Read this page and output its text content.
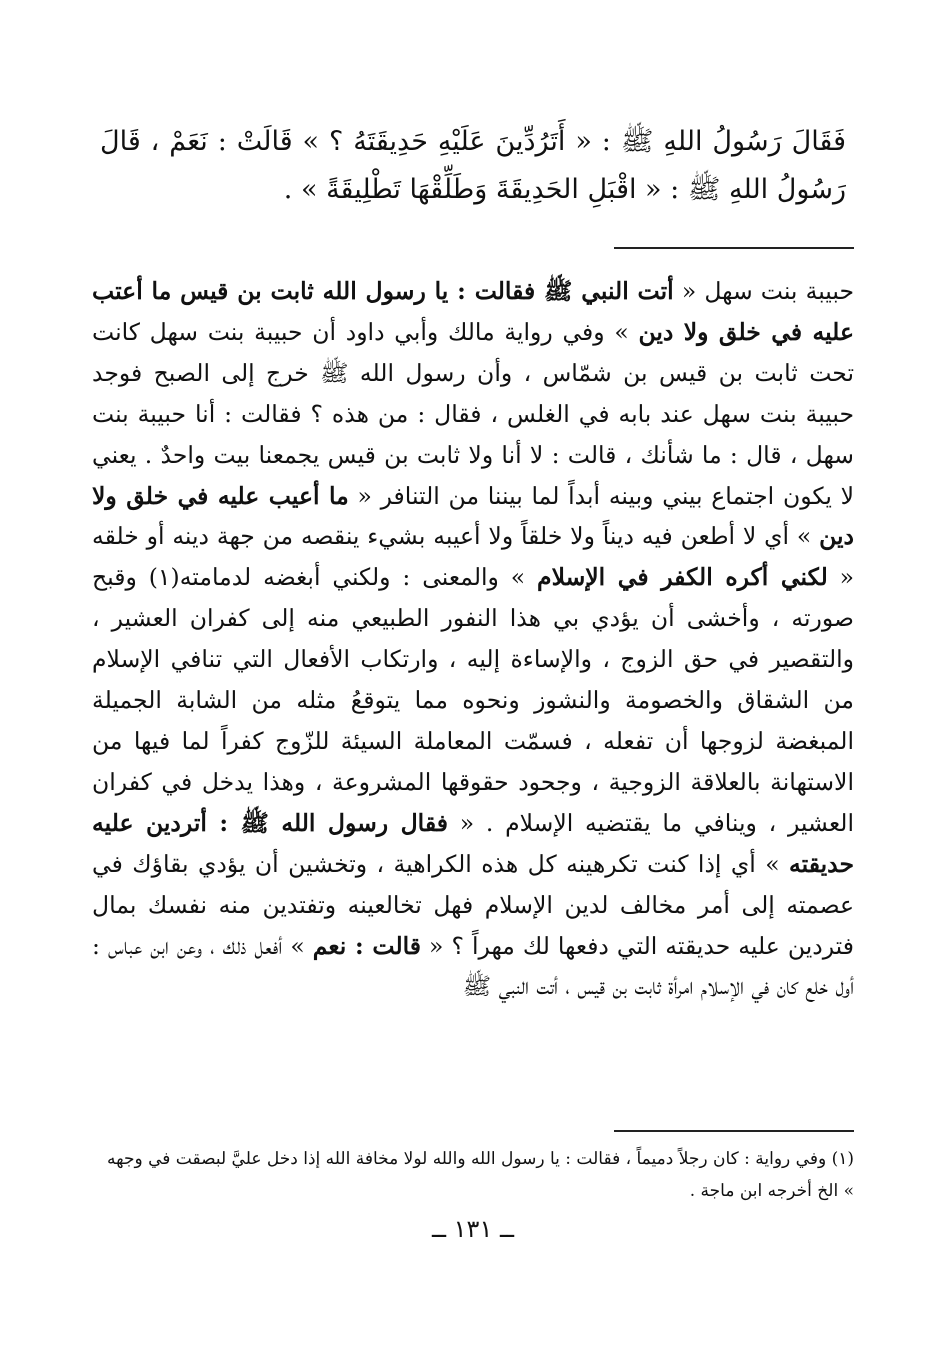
فَقَالَ رَسُولُ اللهِ ﷺ : « أَتَرُدِّينَ عَلَيْهِ حَدِيقَتَهُ ؟ » قَالَتْ : نَعَمْ ، قَالَ رَسُولُ اللهِ ﷺ : « اقْبَلِ الحَدِيقَةَ وَطَلِّقْهَا تَطْلِيقَةً » .

حبيبة بنت سهل « أتت النبي ﷺ فقالت : يا رسول الله ثابت بن قيس ما أعتب عليه في خلق ولا دين » وفي رواية مالك وأبي داود أن حبيبة بنت سهل كانت تحت ثابت بن قيس بن شمّاس ، وأن رسول الله ﷺ خرج إلى الصبح فوجد حبيبة بنت سهل عند بابه في الغلس ، فقال : من هذه ؟ فقالت : أنا حبيبة بنت سهل ، قال : ما شأنك ، قالت : لا أنا ولا ثابت بن قيس يجمعنا بيت واحدٌ . يعني لا يكون اجتماع بيني وبينه أبداً لما بيننا من التنافر « ما أعيب عليه في خلق ولا دين » أي لا أطعن فيه ديناً ولا خلقاً ولا أعيبه بشيء ينقصه من جهة دينه أو خلقه « لكني أكره الكفر في الإسلام » والمعنى : ولكني أبغضه لدمامته(١) وقبح صورته ، وأخشى أن يؤدي بي هذا النفور الطبيعي منه إلى كفران العشير ، والتقصير في حق الزوج ، والإساءة إليه ، وارتكاب الأفعال التي تنافي الإسلام من الشقاق والخصومة والنشوز ونحوه مما يتوقعُ مثله من الشابة الجميلة المبغضة لزوجها أن تفعله ، فسمّت المعاملة السيئة للزّوج كفراً لما فيها من الاستهانة بالعلاقة الزوجية ، وجحود حقوقها المشروعة ، وهذا يدخل في كفران العشير ، وينافي ما يقتضيه الإسلام . « فقال رسول الله ﷺ : أتردين عليه حديقته » أي إذا كنت تكرهينه كل هذه الكراهية ، وتخشين أن يؤدي بقاؤك في عصمته إلى أمر مخالف لدين الإسلام فهل تخالعينه وتفتدين منه نفسك بمال فتردين عليه حديقته التي دفعها لك مهراً ؟ « قالت : نعم » أفعل ذلك ، وعن ابن عباس : أول خلع كان في الإسلام امرأة ثابت بن قيس ، أتت النبي ﷺ
(١) وفي رواية : كان رجلاً دميماً ، فقالت : يا رسول الله والله لولا مخافة الله إذا دخل عليَّ لبصقت في وجهه » الخ أخرجه ابن ماجة .
ــ ١٣١ ــ
